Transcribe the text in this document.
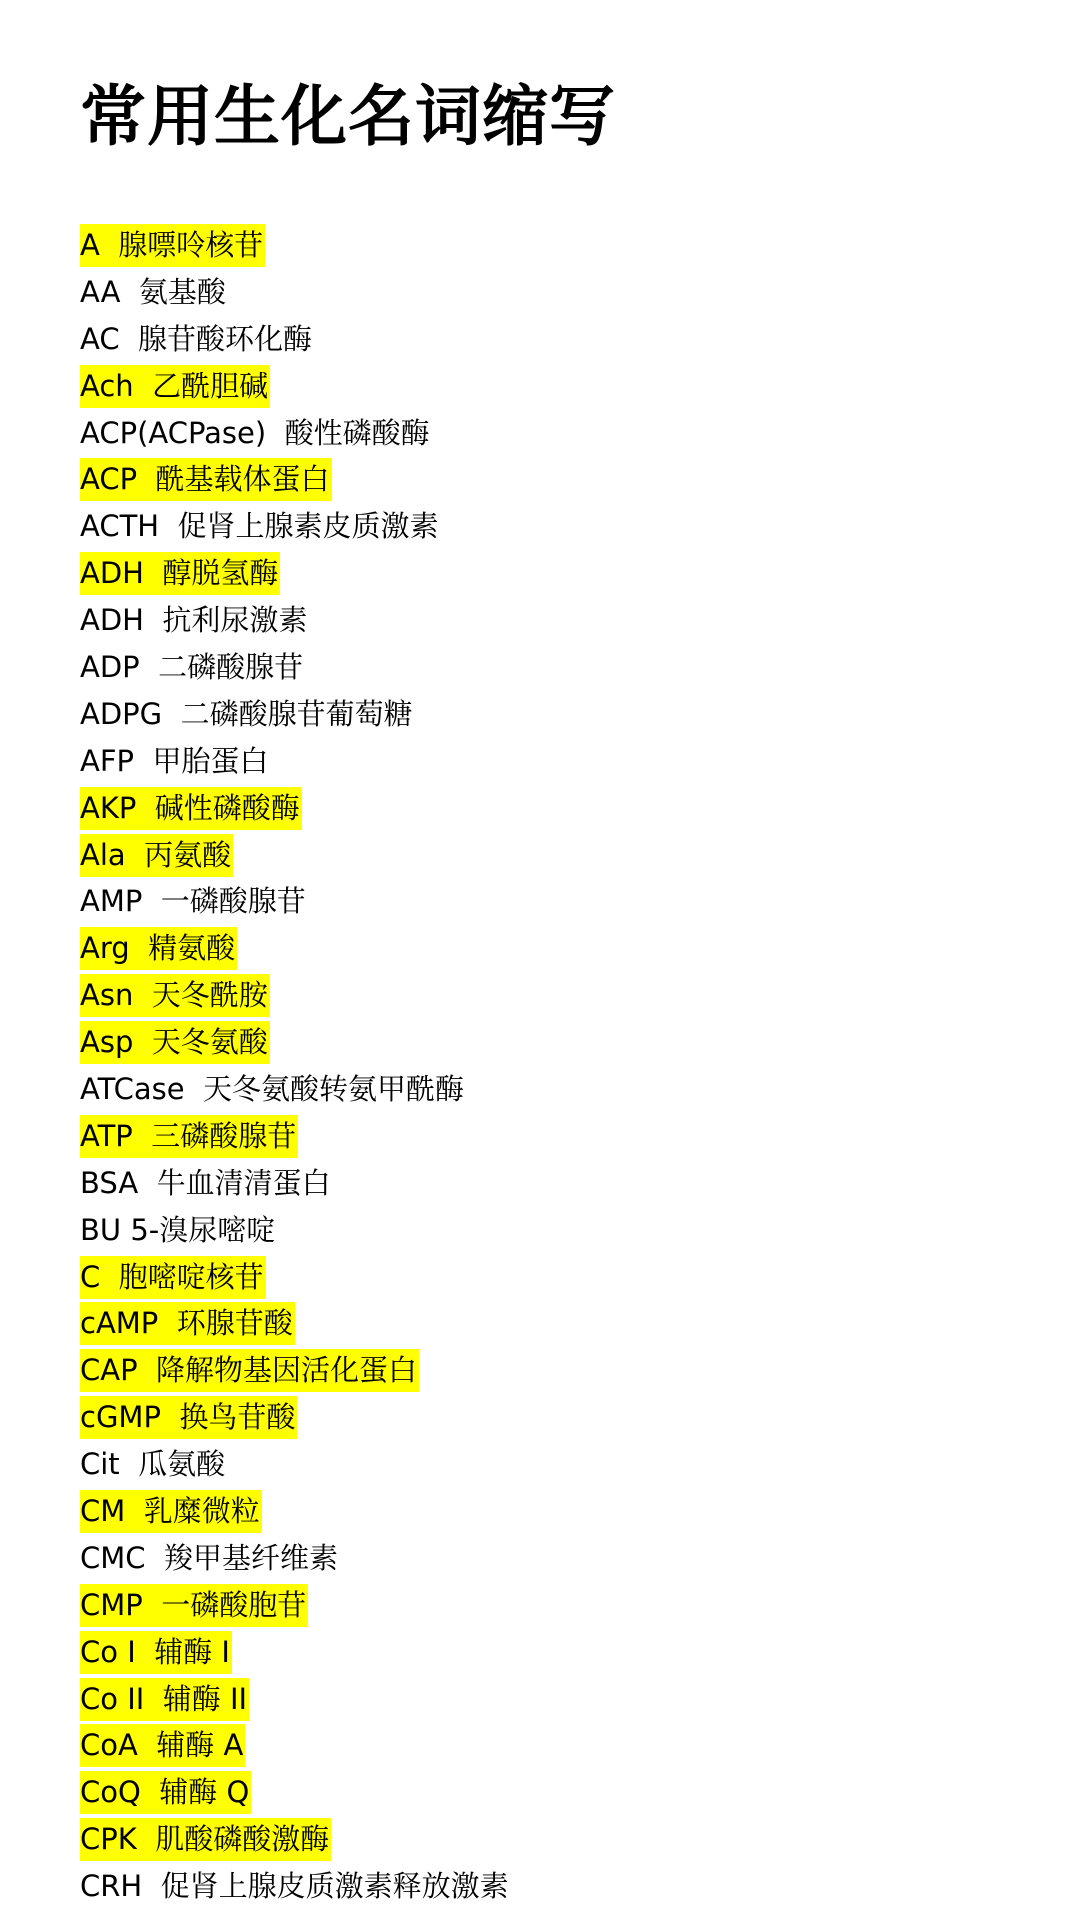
常用生化名词缩写
A  腺嘌呤核苷
AA  氨基酸
AC  腺苷酸环化酶
Ach  乙酰胆碱
ACP(ACPase)  酸性磷酸酶
ACP  酰基载体蛋白
ACTH  促肾上腺素皮质激素
ADH  醇脱氢酶
ADH  抗利尿激素
ADP  二磷酸腺苷
ADPG  二磷酸腺苷葡萄糖
AFP  甲胎蛋白
AKP  碱性磷酸酶
Ala  丙氨酸
AMP  一磷酸腺苷
Arg  精氨酸
Asn  天冬酰胺
Asp  天冬氨酸
ATCase  天冬氨酸转氨甲酰酶
ATP  三磷酸腺苷
BSA  牛血清清蛋白
BU 5-溴尿嘧啶
C  胞嘧啶核苷
cAMP  环腺苷酸
CAP  降解物基因活化蛋白
cGMP  换鸟苷酸
Cit  瓜氨酸
CM  乳糜微粒
CMC  羧甲基纤维素
CMP  一磷酸胞苷
Co I  辅酶 I
Co II  辅酶 II
CoA  辅酶 A
CoQ  辅酶 Q
CPK  肌酸磷酸激酶
CRH  促肾上腺皮质激素释放激素
